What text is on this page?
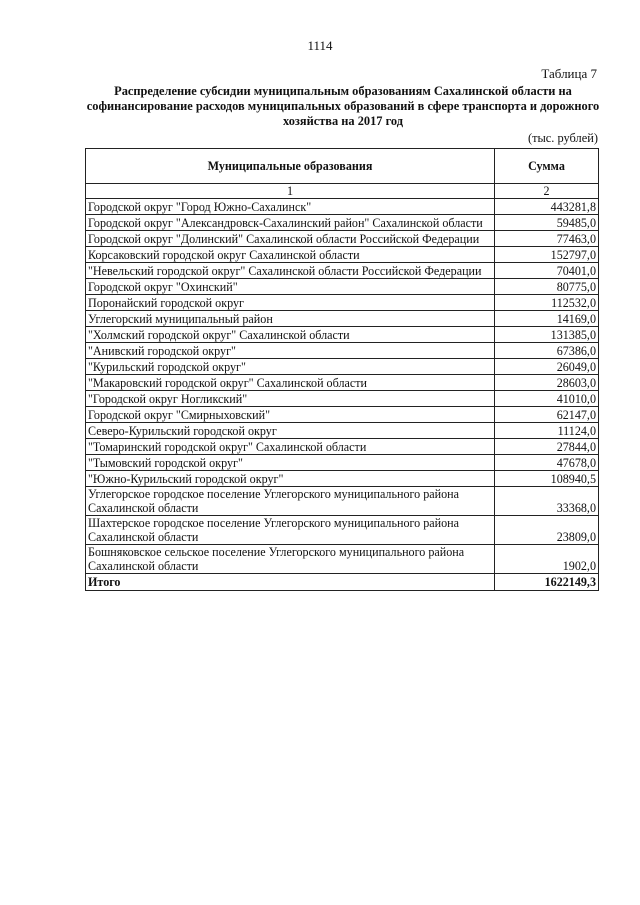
1114
Таблица 7
Распределение субсидии муниципальным образованиям Сахалинской области на софинансирование расходов муниципальных образований в сфере транспорта и дорожного хозяйства на 2017 год
(тыс. рублей)
Муниципальные образования	Сумма
1	2
Городской округ "Город Южно-Сахалинск"	443281,8
Городской округ "Александровск-Сахалинский район" Сахалинской области	59485,0
Городской округ "Долинский" Сахалинской области Российской Федерации	77463,0
Корсаковский городской округ Сахалинской области	152797,0
"Невельский городской округ" Сахалинской области Российской Федерации	70401,0
Городской округ "Охинский"	80775,0
Поронайский городской округ	112532,0
Углегорский муниципальный район	14169,0
"Холмский городской округ" Сахалинской области	131385,0
"Анивский городской округ"	67386,0
"Курильский городской округ"	26049,0
"Макаровский городской округ" Сахалинской области	28603,0
"Городской округ Ногликский"	41010,0
Городской округ "Смирныховский"	62147,0
Северо-Курильский городской округ	11124,0
"Томаринский городской округ" Сахалинской области	27844,0
"Тымовский городской округ"	47678,0
"Южно-Курильский городской округ"	108940,5
Углегорское городское поселение Углегорского муниципального района Сахалинской области	33368,0
Шахтерское городское поселение Углегорского муниципального района Сахалинской области	23809,0
Бошняковское сельское поселение Углегорского муниципального района Сахалинской области	1902,0
Итого	1622149,3
